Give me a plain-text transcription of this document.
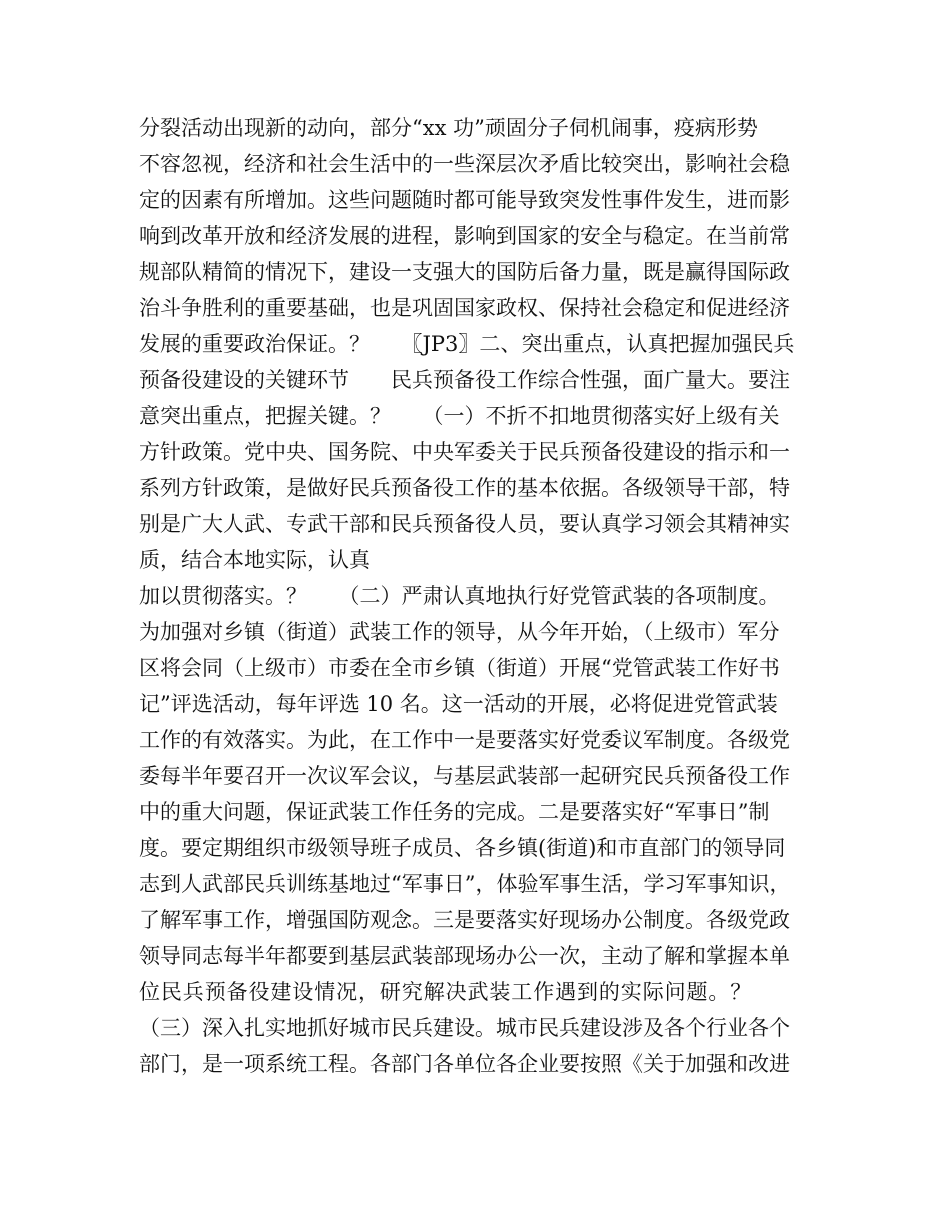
分裂活动出现新的动向，部分“xx 功”顽固分子伺机闹事，疫病形势
不容忽视，经济和社会生活中的一些深层次矛盾比较突出，影响社会稳
定的因素有所增加。这些问题随时都可能导致突发性事件发生，进而影
响到改革开放和经济发展的进程，影响到国家的安全与稳定。在当前常
规部队精简的情况下，建设一支强大的国防后备力量，既是赢得国际政
治斗争胜利的重要基础，也是巩固国家政权、保持社会稳定和促进经济
发展的重要政治保证。？　　〖JP3〗二、突出重点，认真把握加强民兵
预备役建设的关键环节　　民兵预备役工作综合性强，面广量大。要注
意突出重点，把握关键。？　　（一）不折不扣地贯彻落实好上级有关
方针政策。党中央、国务院、中央军委关于民兵预备役建设的指示和一
系列方针政策，是做好民兵预备役工作的基本依据。各级领导干部，特
别是广大人武、专武干部和民兵预备役人员，要认真学习领会其精神实
质，结合本地实际，认真
加以贯彻落实。？　　（二）严肃认真地执行好党管武装的各项制度。
为加强对乡镇（街道）武装工作的领导，从今年开始，（上级市）军分
区将会同（上级市）市委在全市乡镇（街道）开展“党管武装工作好书
记”评选活动，每年评选 10 名。这一活动的开展，必将促进党管武装
工作的有效落实。为此，在工作中一是要落实好党委议军制度。各级党
委每半年要召开一次议军会议，与基层武装部一起研究民兵预备役工作
中的重大问题，保证武装工作任务的完成。二是要落实好“军事日”制
度。要定期组织市级领导班子成员、各乡镇(街道)和市直部门的领导同
志到人武部民兵训练基地过“军事日”，体验军事生活，学习军事知识，
了解军事工作，增强国防观念。三是要落实好现场办公制度。各级党政
领导同志每半年都要到基层武装部现场办公一次，主动了解和掌握本单
位民兵预备役建设情况，研究解决武装工作遇到的实际问题。？
（三）深入扎实地抓好城市民兵建设。城市民兵建设涉及各个行业各个
部门，是一项系统工程。各部门各单位各企业要按照《关于加强和改进
